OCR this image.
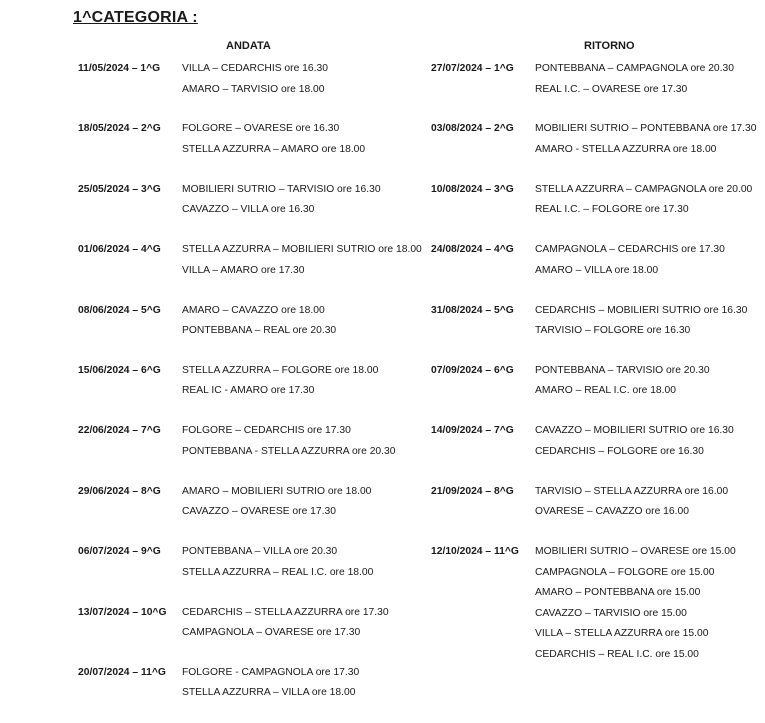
1^CATEGORIA :
ANDATA	RITORNO
11/05/2024 – 1^G	VILLA – CEDARCHIS ore 16.30
AMARO – TARVISIO ore 18.00
18/05/2024 – 2^G	FOLGORE – OVARESE ore 16.30
STELLA AZZURRA – AMARO ore 18.00
25/05/2024 – 3^G	MOBILIERI SUTRIO – TARVISIO ore 16.30
CAVAZZO – VILLA ore 16.30
01/06/2024 – 4^G	STELLA AZZURRA – MOBILIERI SUTRIO ore 18.00
VILLA – AMARO ore 17.30
08/06/2024 – 5^G	AMARO – CAVAZZO ore 18.00
PONTEBBANA – REAL ore 20.30
15/06/2024 – 6^G	STELLA AZZURRA – FOLGORE ore 18.00
REAL IC - AMARO ore 17.30
22/06/2024 – 7^G	FOLGORE – CEDARCHIS ore 17.30
PONTEBBANA - STELLA AZZURRA ore 20.30
29/06/2024 – 8^G	AMARO – MOBILIERI SUTRIO ore 18.00
CAVAZZO – OVARESE ore 17.30
06/07/2024 – 9^G	PONTEBBANA – VILLA ore 20.30
STELLA AZZURRA – REAL I.C. ore 18.00
13/07/2024 – 10^G	CEDARCHIS – STELLA AZZURRA ore 17.30
CAMPAGNOLA – OVARESE ore 17.30
20/07/2024 – 11^G	FOLGORE - CAMPAGNOLA ore 17.30
STELLA AZZURRA – VILLA ore 18.00
27/07/2024 – 1^G	PONTEBBANA – CAMPAGNOLA ore 20.30
REAL I.C. – OVARESE ore 17.30
03/08/2024 – 2^G	MOBILIERI SUTRIO – PONTEBBANA ore 17.30
AMARO - STELLA AZZURRA ore 18.00
10/08/2024 – 3^G	STELLA AZZURRA – CAMPAGNOLA ore 20.00
REAL I.C. – FOLGORE ore 17.30
24/08/2024 – 4^G	CAMPAGNOLA – CEDARCHIS ore 17.30
AMARO – VILLA ore 18.00
31/08/2024 – 5^G	CEDARCHIS – MOBILIERI SUTRIO ore 16.30
TARVISIO – FOLGORE ore 16.30
07/09/2024 – 6^G	PONTEBBANA – TARVISIO ore 20.30
AMARO – REAL I.C. ore 18.00
14/09/2024 – 7^G	CAVAZZO – MOBILIERI SUTRIO ore 16.30
CEDARCHIS – FOLGORE ore 16.30
21/09/2024 – 8^G	TARVISIO – STELLA AZZURRA ore 16.00
OVARESE – CAVAZZO ore 16.00
12/10/2024 – 11^G	MOBILIERI SUTRIO – OVARESE ore 15.00
CAMPAGNOLA – FOLGORE ore 15.00
AMARO – PONTEBBANA ore 15.00
CAVAZZO – TARVISIO ore 15.00
VILLA – STELLA AZZURRA ore 15.00
CEDARCHIS – REAL I.C. ore 15.00
